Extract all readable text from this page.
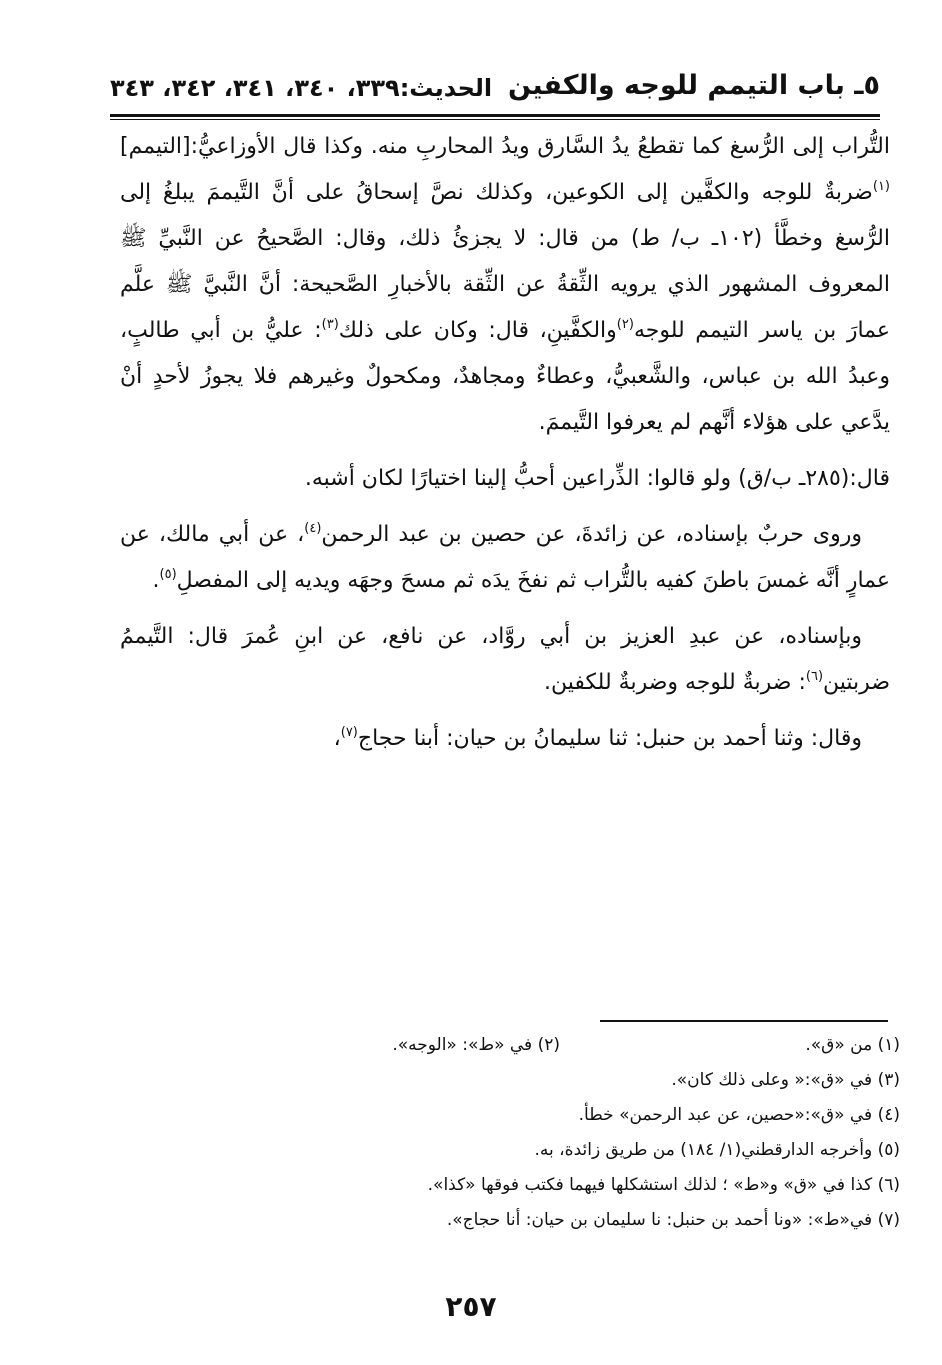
٥ـ باب التيمم للوجه والكفين
الحديث:٣٣٩، ٣٤٠، ٣٤١، ٣٤٢، ٣٤٣

التُّراب إلى الرُّسغ كما تقطعُ يدُ السَّارق ويدُ المحاربِ منه. وكذا قال الأوزاعيُّ:[التيمم]$^{(١)}$ضربةٌ للوجه والكفَّين إلى الكوعين، وكذلك نصَّ إسحاقُ على أنَّ التَّيممَ يبلغُ إلى الرُّسغ وخطَّأ (١٠٢ـ ب/ ط) من قال: لا يجزئُ ذلك، وقال: الصَّحيحُ عن النَّبيِّ ﷺ المعروف المشهور الذي يرويه الثِّقةُ عن الثِّقة بالأخبارِ الصَّحيحة: أنَّ النَّبيَّ ﷺ علَّم عمارَ بن ياسر التيمم للوجه$^{(٢)}$والكفَّينِ، قال: وكان على ذلك$^{(٣)}$: عليُّ بن أبي طالبٍ، وعبدُ الله بن عباس، والشَّعبيُّ، وعطاءٌ ومجاهدٌ، ومكحولٌ وغيرهم فلا يجوزُ لأحدٍ أنْ يدَّعي على هؤلاء أنَّهم لم يعرفوا التَّيممَ.

قال:(٢٨٥ـ ب/ق) ولو قالوا: الذِّراعين أحبُّ إلينا اختيارًا لكان أشبه.

وروى حربٌ بإسناده، عن زائدةَ، عن حصين بن عبد الرحمن$^{(٤)}$، عن أبي مالك، عن عمارٍ أنَّه غمسَ باطنَ كفيه بالتُّراب ثم نفخَ يدَه ثم مسحَ وجهَه ويديه إلى المفصلِ$^{(٥)}$.

وبإسناده، عن عبدِ العزيز بن أبي روَّاد، عن نافع، عن ابنِ عُمرَ قال: التَّيممُ ضربتين$^{(٦)}$: ضربةٌ للوجه وضربةٌ للكفين.

وقال: وثنا أحمد بن حنبل: ثنا سليمانُ بن حيان: أبنا حجاج$^{(٧)}$،

(١) من «ق».
(٢) في «ط»: «الوجه».
(٣) في «ق»:« وعلى ذلك كان».
(٤) في «ق»:«حصين، عن عبد الرحمن» خطأ.
(٥) وأخرجه الدارقطني(١/ ١٨٤) من طريق زائدة، به.
(٦) كذا في «ق» و«ط» ؛ لذلك استشكلها فيهما فكتب فوقها «كذا».
(٧) في«ط»: «ونا أحمد بن حنبل: نا سليمان بن حيان: أنا حجاج».
٢٥٧
